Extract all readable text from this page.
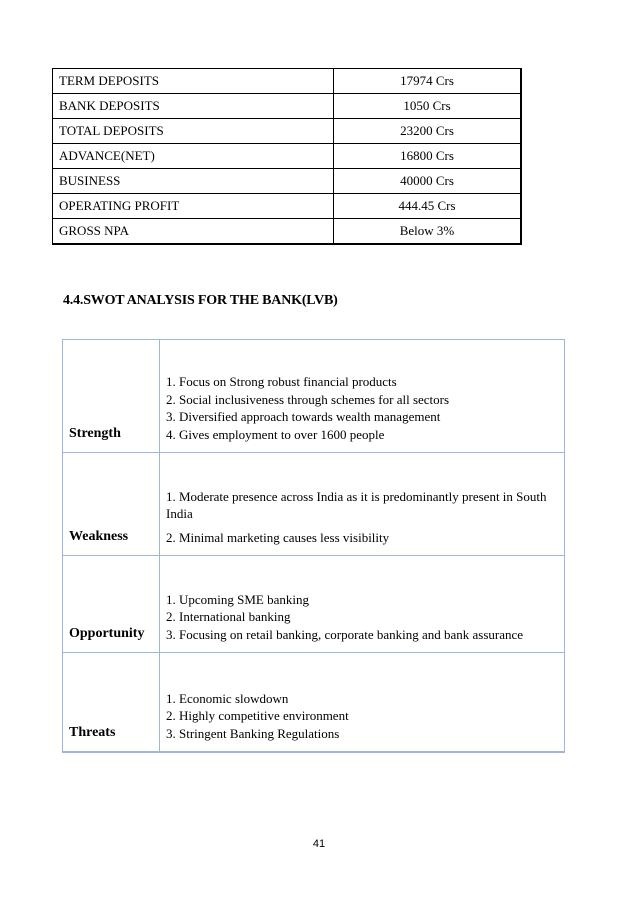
TERM DEPOSITS	17974 Crs
BANK DEPOSITS	1050 Crs
TOTAL DEPOSITS	23200 Crs
ADVANCE(NET)	16800 Crs
BUSINESS	40000 Crs
OPERATING PROFIT	444.45 Crs
GROSS NPA	Below 3%
4.4.SWOT ANALYSIS FOR THE BANK(LVB)
Strength	1. Focus on Strong robust financial products
2. Social inclusiveness through schemes for all sectors
3. Diversified approach towards wealth management
4. Gives employment to over 1600 people

Weakness	1. Moderate presence across India as it is predominantly present in South India
2. Minimal marketing causes less visibility

Opportunity	1. Upcoming SME banking
2. International banking
3. Focusing on retail banking, corporate banking and bank assurance

Threats	1. Economic slowdown
2. Highly competitive environment
3. Stringent Banking Regulations
41
